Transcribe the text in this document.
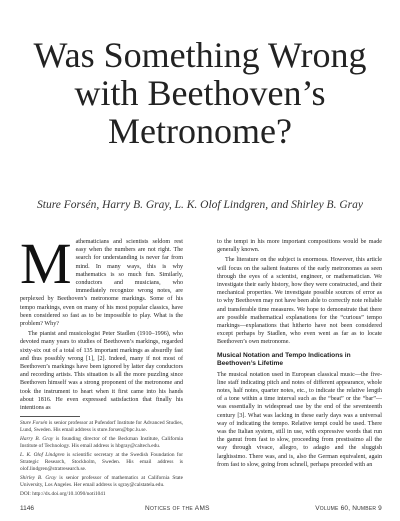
Was Something Wrong
with Beethoven’s
Metronome?
Sture Forsén, Harry B. Gray, L. K. Olof Lindgren, and Shirley B. Gray

Mathematicians and scientists seldom rest easy when the numbers are not right. The search for understanding is never far from mind. In many ways, this is why mathematics is so much fun. Similarly, conductors and musicians, who immediately recognize wrong notes, are perplexed by Beethoven’s metronome markings. Some of his tempo markings, even on many of his most popular classics, have been considered so fast as to be impossible to play. What is the problem? Why?

The pianist and musicologist Peter Stadlen (1910–1996), who devoted many years to studies of Beethoven’s markings, regarded sixty-six out of a total of 135 important markings as absurdly fast and thus possibly wrong [1], [2]. Indeed, many if not most of Beethoven’s markings have been ignored by latter day conductors and recording artists. This situation is all the more puzzling since Beethoven himself was a strong proponent of the metronome and took the instrument to heart when it first came into his hands about 1816. He even expressed satisfaction that finally his intentions as

Sture Forsén is senior professor at Pufendorf Institute for Advanced Studies, Lund, Sweden. His email address is sture.forsen@bpc.lu.se.

Harry B. Gray is founding director of the Beckman Institute, California Institute of Technology. His email address is hbgray@caltech.edu.

L. K. Olof Lindgren is scientific secretary at the Swedish Foundation for Strategic Research, Stockholm, Sweden. His email address is olof.lindgren@stratresearch.se.

Shirley B. Gray is senior professor of mathematics at California State University, Los Angeles. Her email address is sgray@calstatela.edu.

DOI: http://dx.doi.org/10.1090/noti1041

to the tempi in his more important compositions would be made generally known.

The literature on the subject is enormous. However, this article will focus on the salient features of the early metronomes as seen through the eyes of a scientist, engineer, or mathematician. We investigate their early history, how they were constructed, and their mechanical properties. We investigate possible sources of error as to why Beethoven may not have been able to correctly note reliable and transferable time measures. We hope to demonstrate that there are possible mathematical explanations for the “curious” tempo markings—explanations that hitherto have not been considered except perhaps by Stadlen, who even went as far as to locate Beethoven’s own metronome.

Musical Notation and Tempo Indications in Beethoven’s Lifetime

The musical notation used in European classical music—the five-line staff indicating pitch and notes of different appearance, whole notes, half notes, quarter notes, etc., to indicate the relative length of a tone within a time interval such as the “beat” or the “bar”—was essentially in widespread use by the end of the seventeenth century [3]. What was lacking in these early days was a universal way of indicating the tempo. Relative tempi could be used. There was the Italian system, still in use, with expressive words that run the gamut from fast to slow, proceeding from prestissimo all the way through vivace, allegro, to adagio and the sluggish larghissimo. There was, and is, also the German equivalent, again from fast to slow, going from schnell, perhaps preceded with an

1146	Notices of the AMS	Volume 60, Number 9
